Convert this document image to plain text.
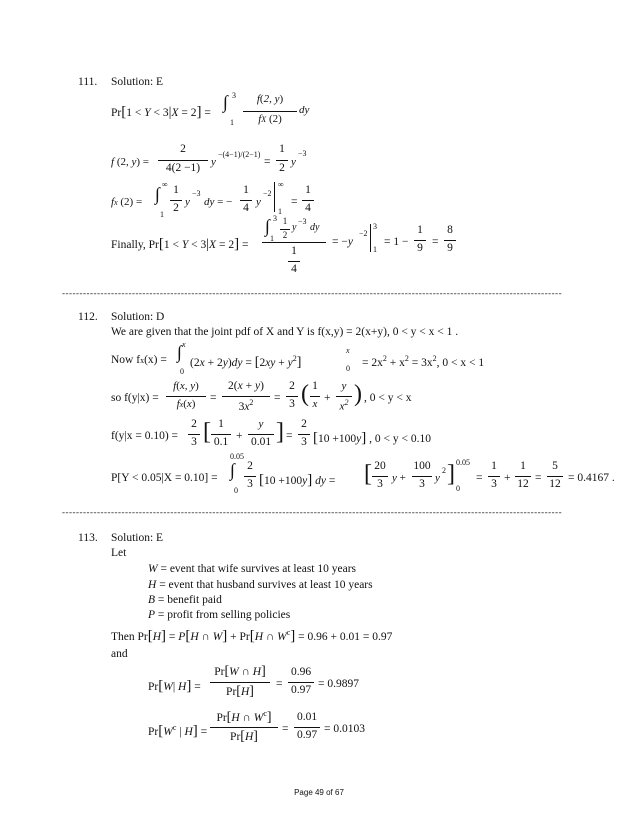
111. Solution: E
Pr[1 < Y < 3|X = 2] =
∫ 3
1
f(2, y)
fX (2)
dy
f (2, y) =
2
4(2 −1) y
−(4−1)/(2−1)
=
1
2 y
−3
fx (2) = ∫ ∞
1
1
2 y
−3
dy = −
1
4 y
−2
∞
1
=
1
4
Finally, Pr[1 < Y < 3|X = 2] =
∫ 3
1
1
2
y
−3
dy
1
4
= −y
−2
3
1
= 1 −
1
9 =
8
9
-----------------------------------------------------------------------------------------------------------------------------------------------
112. Solution: D
We are given that the joint pdf of X and Y is f(x,y) = 2(x+y), 0 < y < x < 1 .
Now fx(x) = ∫ x
0
$(2x + 2y)dy = [2xy + y^2]$
x
$0 = 2x^2 + x^2 = 3x^2$, 0 < x < 1
so f(y|x) =
f(x, y)
fx(x)	=
2(x + y)
$3x^2$	=
2
3 ( 1
x +
y
$x^2$ ) , 0 < y < x
f(y|x = 0.10) =
2
3 [ 1
0.1 +
y
0.01 ] =
2
3 [10 +100y] , 0 < y < 0.10
P[Y < 0.05|X = 0.10] = ∫
0.05
0
2
3 [10 +100y] dy = [ 20
3 y +
100
3 y
2 ] 0.05
0
=
1
3 +
1
12 =
5
12 = 0.4167 .
-----------------------------------------------------------------------------------------------------------------------------------------------
113. Solution: E
Let
W = event that wife survives at least 10 years
H = event that husband survives at least 10 years
B = benefit paid
P = profit from selling policies
Then Pr[H] = P[H ∩ W] + Pr[H ∩ $W^c] = 0.96 + 0.01 = 0.97$
and
Pr[W| H] =
Pr[W ∩ H]
Pr[H]	=
0.96
0.97 = 0.9897
$Pr[W^c$ | H] =
Pr[H ∩ $W^c$]
Pr[H]	=
0.01
0.97 = 0.0103
Page 49 of 67
